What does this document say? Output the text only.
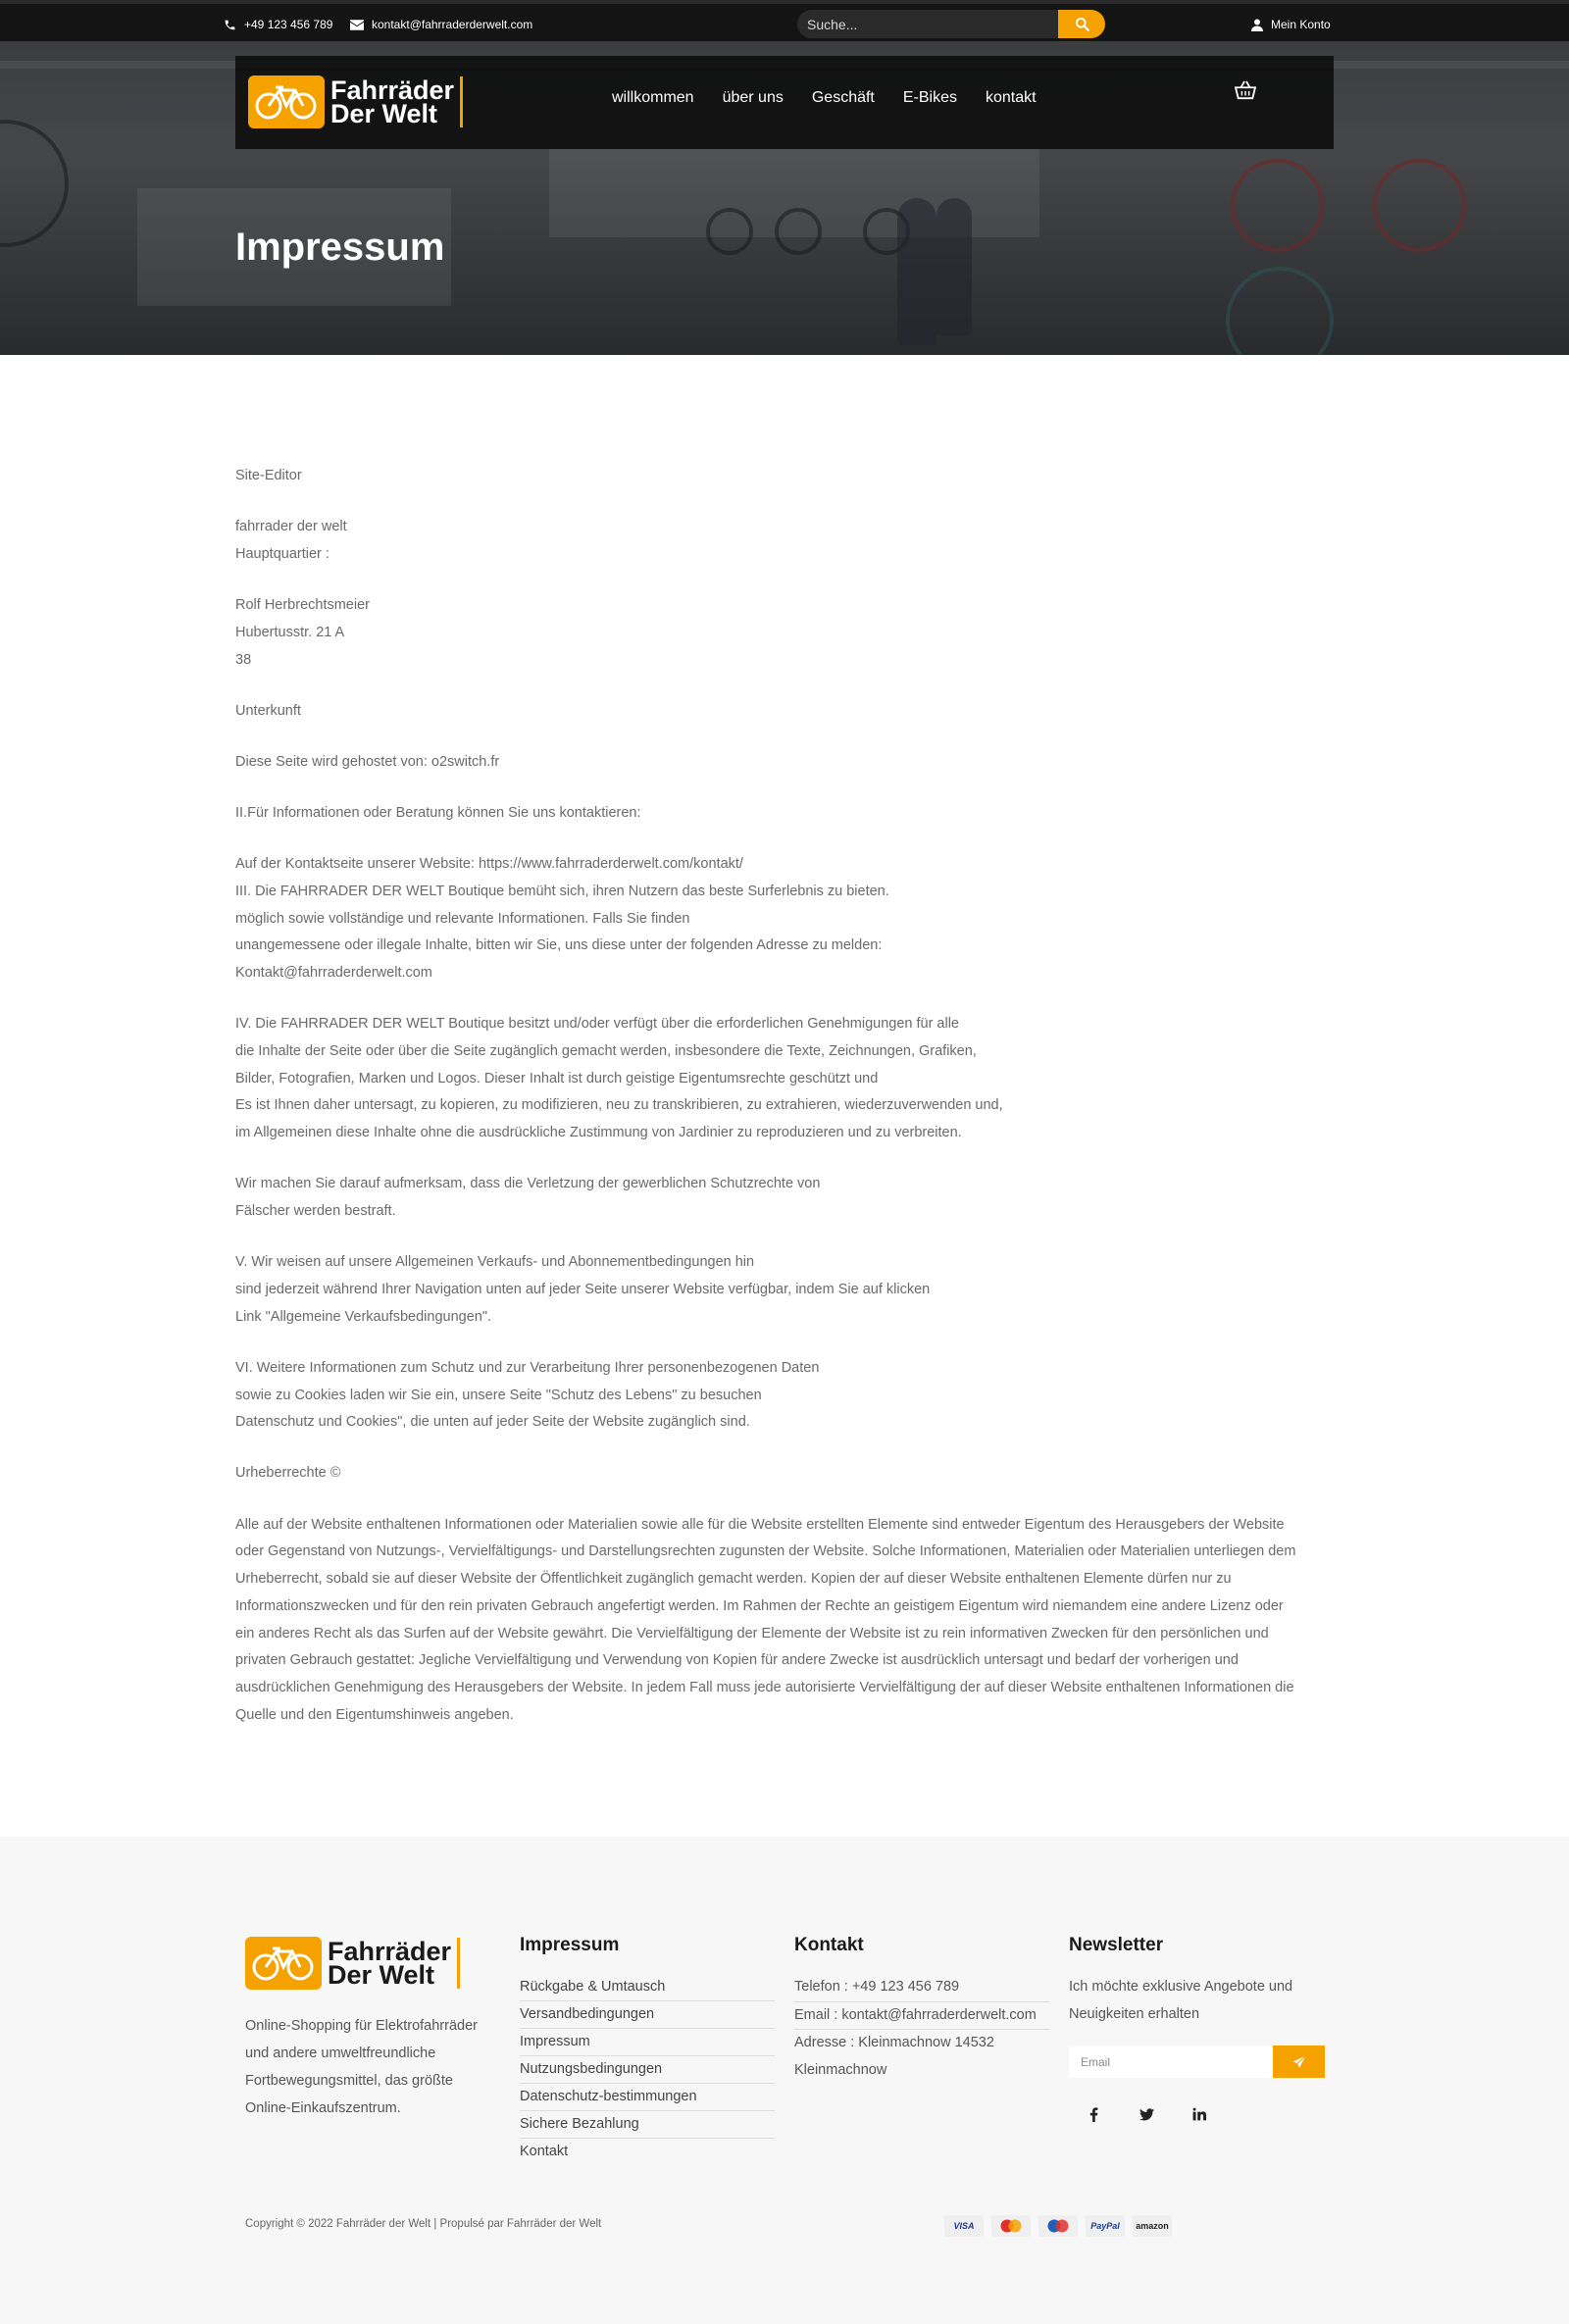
+49 123 456 789	kontakt@fahrraderderwelt.com
Suche...	Mein Konto
Fahrräder
Der Welt
willkommen über uns Geschäft E-Bikes kontakt
Impressum

Site-Editor

fahrrader der welt
Hauptquartier :

Rolf Herbrechtsmeier
Hubertusstr. 21 A
38

Unterkunft

Diese Seite wird gehostet von: o2switch.fr

II.Für Informationen oder Beratung können Sie uns kontaktieren:

Auf der Kontaktseite unserer Website: https://www.fahrraderderwelt.com/kontakt/
III. Die FAHRRADER DER WELT Boutique bemüht sich, ihren Nutzern das beste Surferlebnis zu bieten.
möglich sowie vollständige und relevante Informationen. Falls Sie finden
unangemessene oder illegale Inhalte, bitten wir Sie, uns diese unter der folgenden Adresse zu melden:
Kontakt@fahrraderderwelt.com

IV. Die FAHRRADER DER WELT Boutique besitzt und/oder verfügt über die erforderlichen Genehmigungen für alle
die Inhalte der Seite oder über die Seite zugänglich gemacht werden, insbesondere die Texte, Zeichnungen, Grafiken,
Bilder, Fotografien, Marken und Logos. Dieser Inhalt ist durch geistige Eigentumsrechte geschützt und
Es ist Ihnen daher untersagt, zu kopieren, zu modifizieren, neu zu transkribieren, zu extrahieren, wiederzuverwenden und,
im Allgemeinen diese Inhalte ohne die ausdrückliche Zustimmung von Jardinier zu reproduzieren und zu verbreiten.

Wir machen Sie darauf aufmerksam, dass die Verletzung der gewerblichen Schutzrechte von
Fälscher werden bestraft.

V. Wir weisen auf unsere Allgemeinen Verkaufs- und Abonnementbedingungen hin
sind jederzeit während Ihrer Navigation unten auf jeder Seite unserer Website verfügbar, indem Sie auf klicken
Link "Allgemeine Verkaufsbedingungen".

VI. Weitere Informationen zum Schutz und zur Verarbeitung Ihrer personenbezogenen Daten
sowie zu Cookies laden wir Sie ein, unsere Seite "Schutz des Lebens" zu besuchen
Datenschutz und Cookies", die unten auf jeder Seite der Website zugänglich sind.

Urheberrechte ©

Alle auf der Website enthaltenen Informationen oder Materialien sowie alle für die Website erstellten Elemente sind entweder Eigentum des Herausgebers der Website
oder Gegenstand von Nutzungs-, Vervielfältigungs- und Darstellungsrechten zugunsten der Website. Solche Informationen, Materialien oder Materialien unterliegen dem
Urheberrecht, sobald sie auf dieser Website der Öffentlichkeit zugänglich gemacht werden. Kopien der auf dieser Website enthaltenen Elemente dürfen nur zu
Informationszwecken und für den rein privaten Gebrauch angefertigt werden. Im Rahmen der Rechte an geistigem Eigentum wird niemandem eine andere Lizenz oder
ein anderes Recht als das Surfen auf der Website gewährt. Die Vervielfältigung der Elemente der Website ist zu rein informativen Zwecken für den persönlichen und
privaten Gebrauch gestattet: Jegliche Vervielfältigung und Verwendung von Kopien für andere Zwecke ist ausdrücklich untersagt und bedarf der vorherigen und
ausdrücklichen Genehmigung des Herausgebers der Website. In jedem Fall muss jede autorisierte Vervielfältigung der auf dieser Website enthaltenen Informationen die
Quelle und den Eigentumshinweis angeben.

Fahrräder
Der Welt
Online-Shopping für Elektrofahrräder und andere umweltfreundliche Fortbewegungsmittel, das größte Online-Einkaufszentrum.
Impressum
Rückgabe & Umtausch
Versandbedingungen
Impressum
Nutzungsbedingungen
Datenschutz-bestimmungen
Sichere Bezahlung
Kontakt
Kontakt
Telefon : +49 123 456 789
Email : kontakt@fahrraderderwelt.com
Adresse : Kleinmachnow 14532
Kleinmachnow
Newsletter
Ich möchte exklusive Angebote und Neuigkeiten erhalten
Email
Copyright © 2022 Fahrräder der Welt | Propulsé par Fahrräder der Welt	VISA	PayPal	amazon
